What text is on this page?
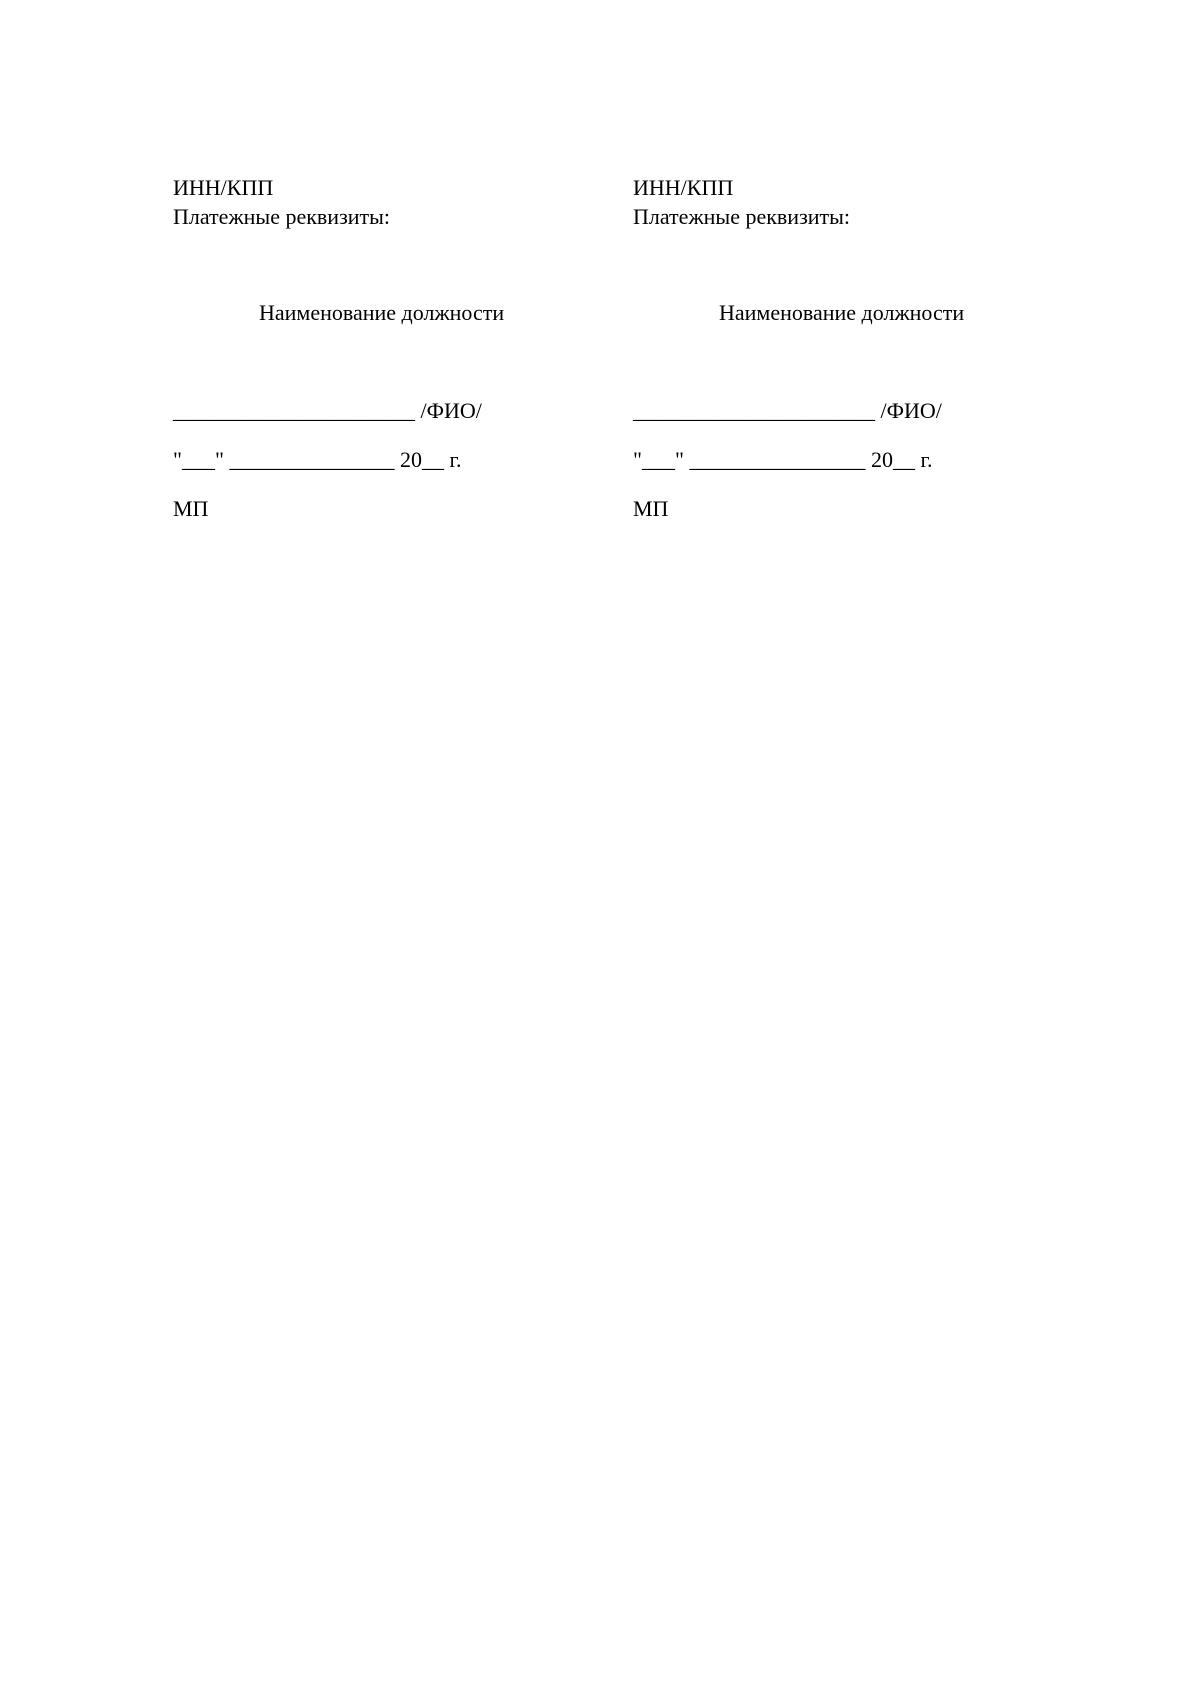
ИНН/КПП
Платежные реквизиты:
Наименование должности
______________________ /ФИО/
"___" _______________ 20__ г.
МП
ИНН/КПП
Платежные реквизиты:
Наименование должности
______________________ /ФИО/
"___" ________________ 20__ г.
МП
